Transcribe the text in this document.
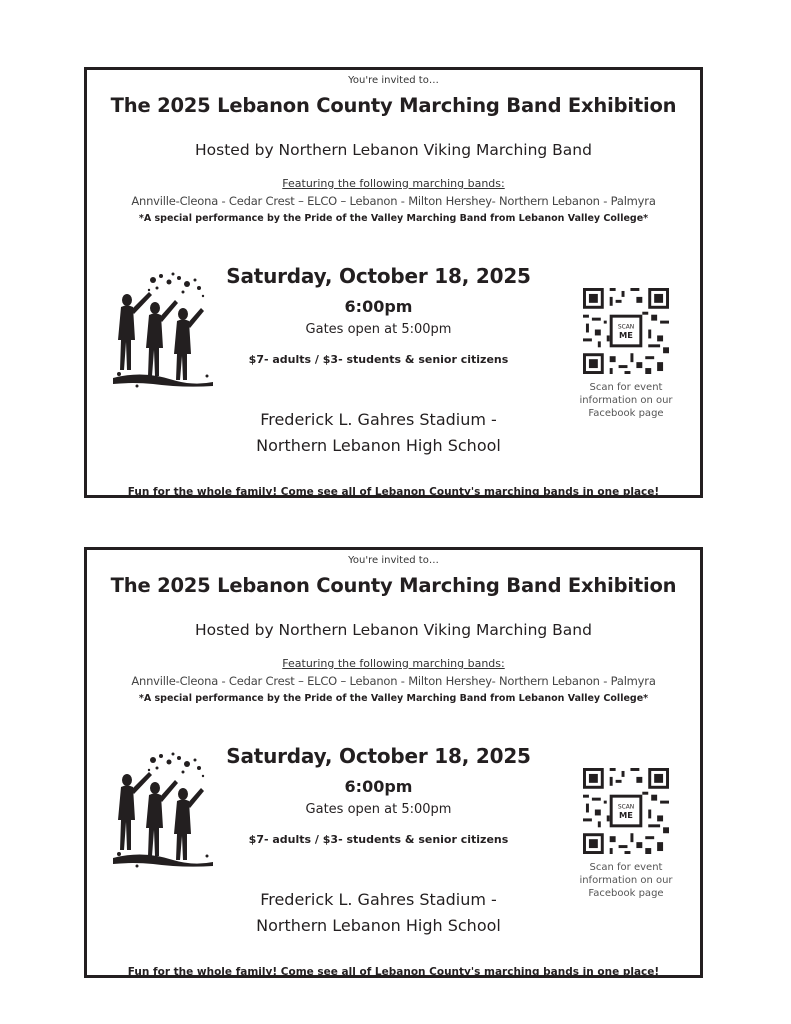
You're invited to…
The 2025 Lebanon County Marching Band Exhibition
Hosted by Northern Lebanon Viking Marching Band
Featuring the following marching bands:
Annville-Cleona - Cedar Crest – ELCO – Lebanon - Milton Hershey- Northern Lebanon - Palmyra
*A special performance by the Pride of the Valley Marching Band from Lebanon Valley College*
Saturday, October 18, 2025
6:00pm
Gates open at 5:00pm
$7- adults / $3- students & senior citizens
Frederick L. Gahres Stadium -
Northern Lebanon High School
SCAN
ME
Scan for event
information on our
Facebook page
Fun for the whole family! Come see all of Lebanon County's marching bands in one place!
You're invited to…
The 2025 Lebanon County Marching Band Exhibition
Hosted by Northern Lebanon Viking Marching Band
Featuring the following marching bands:
Annville-Cleona - Cedar Crest – ELCO – Lebanon - Milton Hershey- Northern Lebanon - Palmyra
*A special performance by the Pride of the Valley Marching Band from Lebanon Valley College*
Saturday, October 18, 2025
6:00pm
Gates open at 5:00pm
$7- adults / $3- students & senior citizens
Frederick L. Gahres Stadium -
Northern Lebanon High School
SCAN
ME
Scan for event
information on our
Facebook page
Fun for the whole family! Come see all of Lebanon County's marching bands in one place!
